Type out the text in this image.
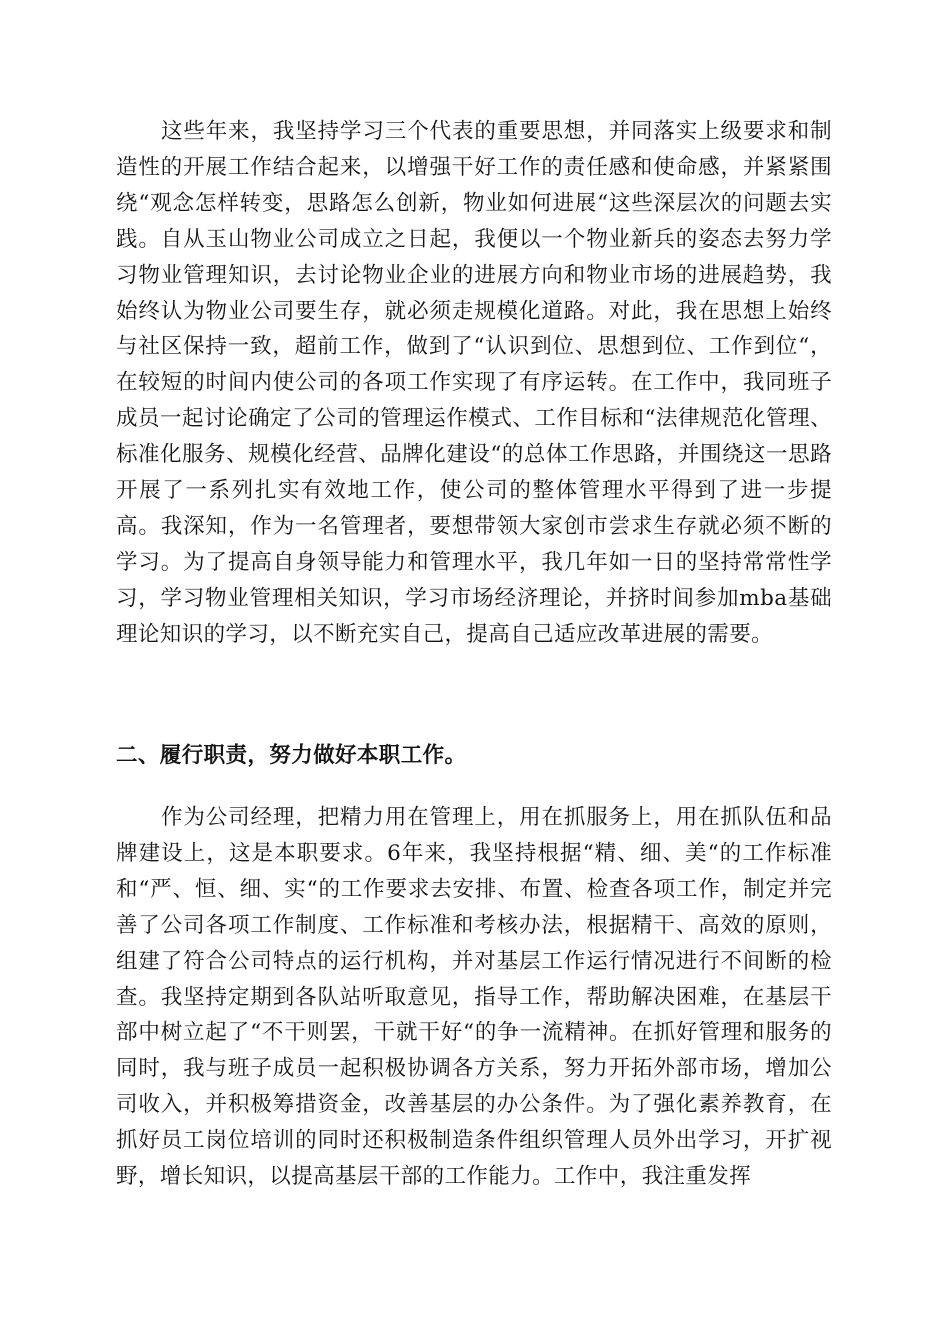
这些年来，我坚持学习三个代表的重要思想，并同落实上级要求和制造性的开展工作结合起来，以增强干好工作的责任感和使命感，并紧紧围绕“观念怎样转变，思路怎么创新，物业如何进展“这些深层次的问题去实践。自从玉山物业公司成立之日起，我便以一个物业新兵的姿态去努力学习物业管理知识，去讨论物业企业的进展方向和物业市场的进展趋势，我始终认为物业公司要生存，就必须走规模化道路。对此，我在思想上始终与社区保持一致，超前工作，做到了“认识到位、思想到位、工作到位“，在较短的时间内使公司的各项工作实现了有序运转。在工作中，我同班子成员一起讨论确定了公司的管理运作模式、工作目标和“法律规范化管理、标准化服务、规模化经营、品牌化建设“的总体工作思路，并围绕这一思路开展了一系列扎实有效地工作，使公司的整体管理水平得到了进一步提高。我深知，作为一名管理者，要想带领大家创市尝求生存就必须不断的学习。为了提高自身领导能力和管理水平，我几年如一日的坚持常常性学习，学习物业管理相关知识，学习市场经济理论，并挤时间参加mba基础理论知识的学习，以不断充实自己，提高自己适应改革进展的需要。

二、履行职责，努力做好本职工作。

作为公司经理，把精力用在管理上，用在抓服务上，用在抓队伍和品牌建设上，这是本职要求。6年来，我坚持根据“精、细、美“的工作标准和“严、恒、细、实“的工作要求去安排、布置、检查各项工作，制定并完善了公司各项工作制度、工作标准和考核办法，根据精干、高效的原则，组建了符合公司特点的运行机构，并对基层工作运行情况进行不间断的检查。我坚持定期到各队站听取意见，指导工作，帮助解决困难，在基层干部中树立起了“不干则罢，干就干好“的争一流精神。在抓好管理和服务的同时，我与班子成员一起积极协调各方关系，努力开拓外部市场，增加公司收入，并积极筹措资金，改善基层的办公条件。为了强化素养教育，在抓好员工岗位培训的同时还积极制造条件组织管理人员外出学习，开扩视野，增长知识，以提高基层干部的工作能力。工作中，我注重发挥
